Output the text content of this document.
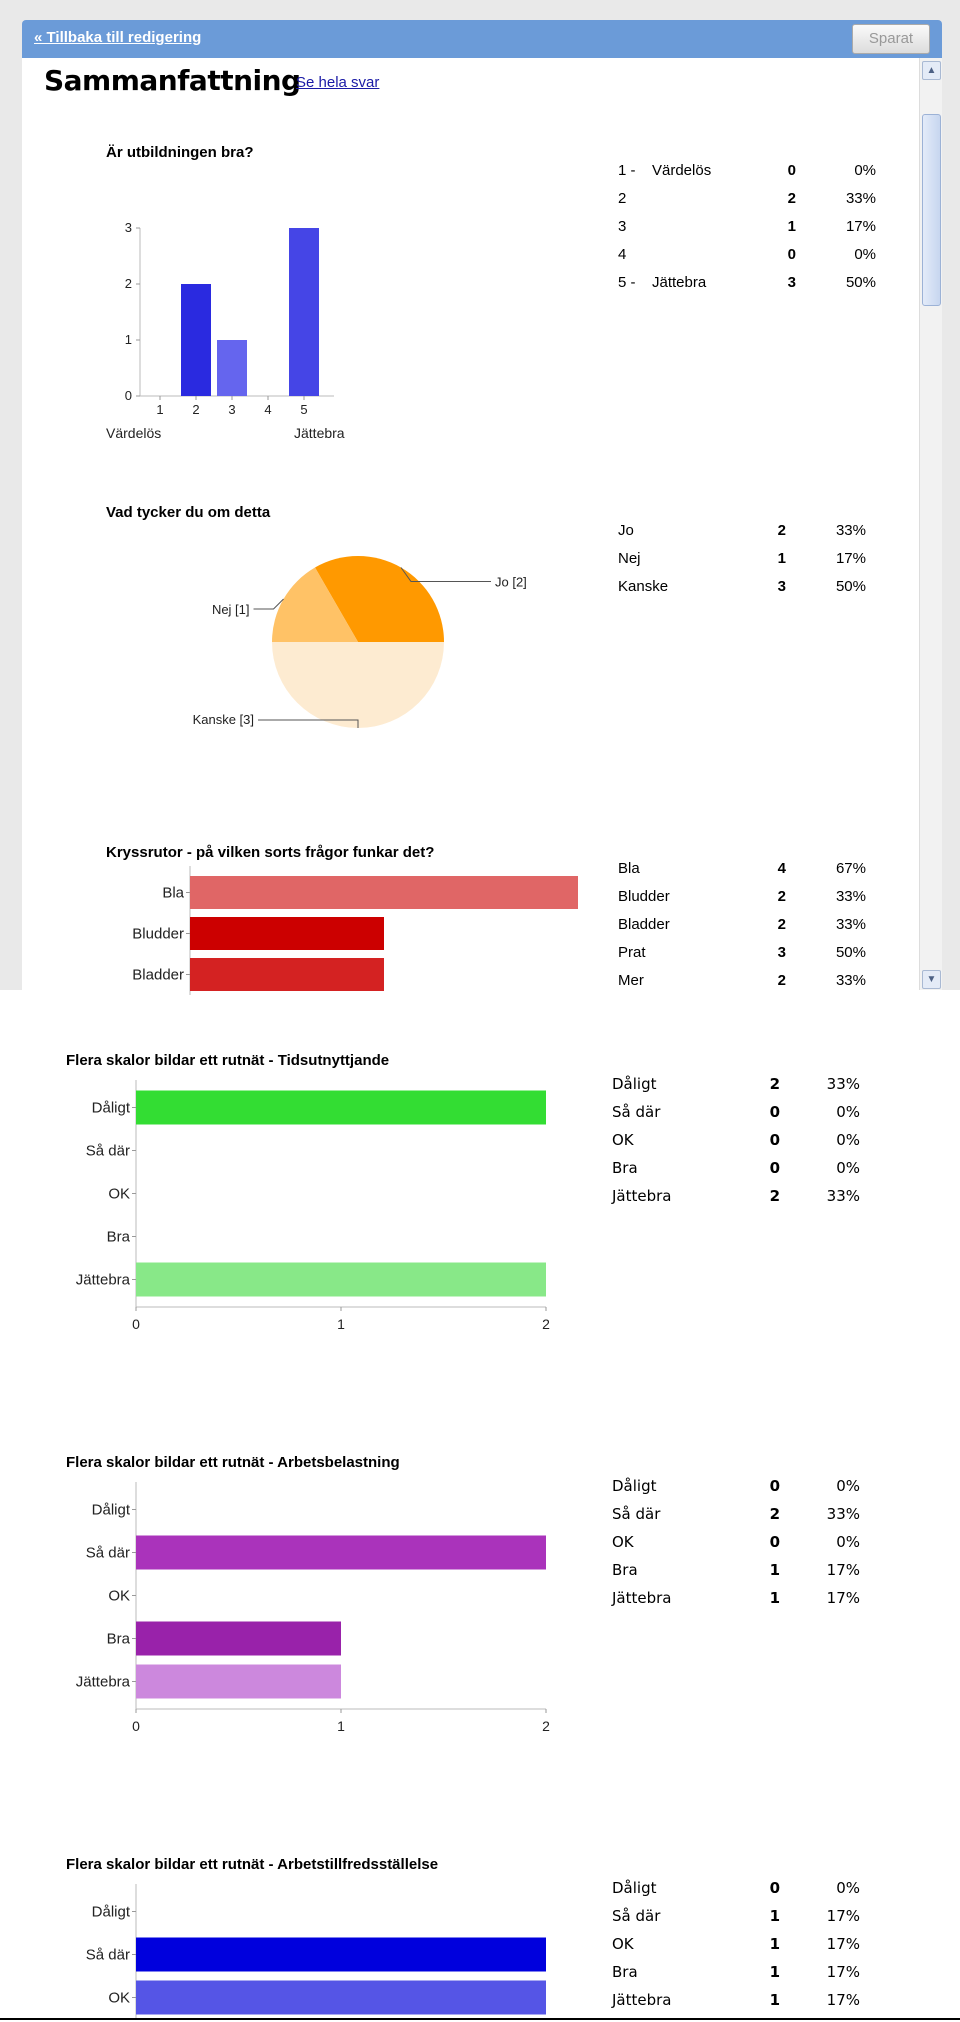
« Tillbaka till redigering	Sparat
Sammanfattning
Se hela svar
Är utbildningen bra?
0
1
2
3
1 2 3 4 5
Värdelös	Jättebra
1 -	Värdelös	0	0%
2		2	33%
3		1	17%
4		0	0%
5 -	Jättebra	3	50%
Vad tycker du om detta
Kanske [3]
Jo [2]
Nej [1]
Jo	2	33%
Nej	1	17%
Kanske	3	50%
Kryssrutor - på vilken sorts frågor funkar det?
Bla
Bludder
Bladder
Bla	4	67%
Bludder	2	33%
Bladder	2	33%
Prat	3	50%
Mer	2	33%
▲
▼
Flera skalor bildar ett rutnät - Tidsutnyttjande
Dåligt
Så där
OK
Bra
Jättebra
0	1	2
Dåligt	2	33%
Så där	0	0%
OK	0	0%
Bra	0	0%
Jättebra	2	33%
Flera skalor bildar ett rutnät - Arbetsbelastning
Dåligt
Så där
OK
Bra
Jättebra
0	1	2
Dåligt	0	0%
Så där	2	33%
OK	0	0%
Bra	1	17%
Jättebra	1	17%
Flera skalor bildar ett rutnät - Arbetstillfredsställelse
Dåligt
Så där
OK
Dåligt	0	0%
Så där	1	17%
OK	1	17%
Bra	1	17%
Jättebra	1	17%
